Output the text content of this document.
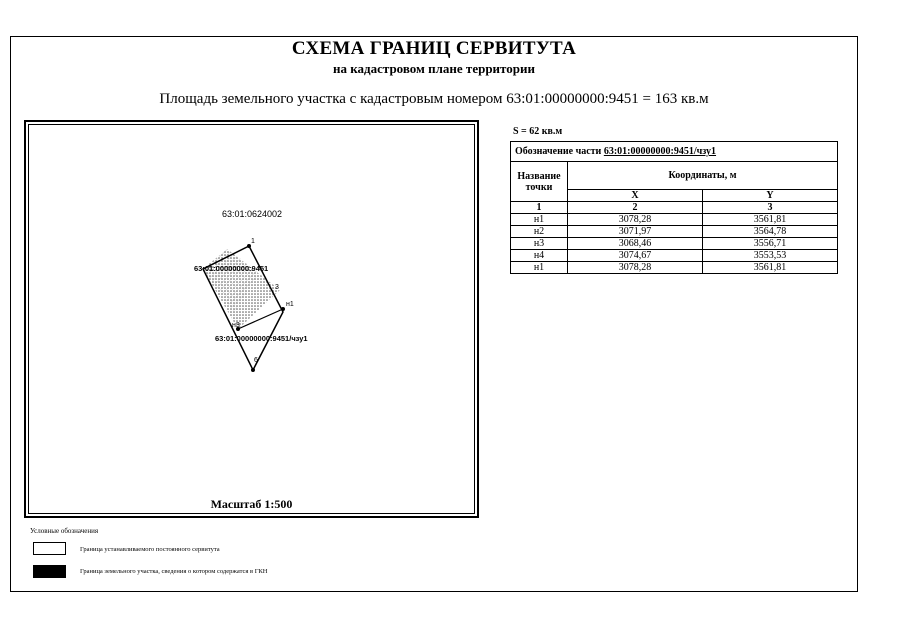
СХЕМА ГРАНИЦ СЕРВИТУТА
на кадастровом плане территории
Площадь земельного участка с кадастровым номером 63:01:00000000:9451 = 163 кв.м
63:01:0624002
1
3
н1
н3
6
63:01:00000000:9451
63:01:00000000:9451/чзу1
Масштаб 1:500
S = 62 кв.м
Обозначение части 63:01:00000000:9451/чзу1		
Название точки	Координаты, м	
	X	Y
1	2	3
н1	3078,28	3561,81
н2	3071,97	3564,78
н3	3068,46	3556,71
н4	3074,67	3553,53
н1	3078,28	3561,81
Условные обозначения
Граница устанавливаемого постоянного сервитута
Граница земельного участка, сведения о котором содержатся в ГКН
